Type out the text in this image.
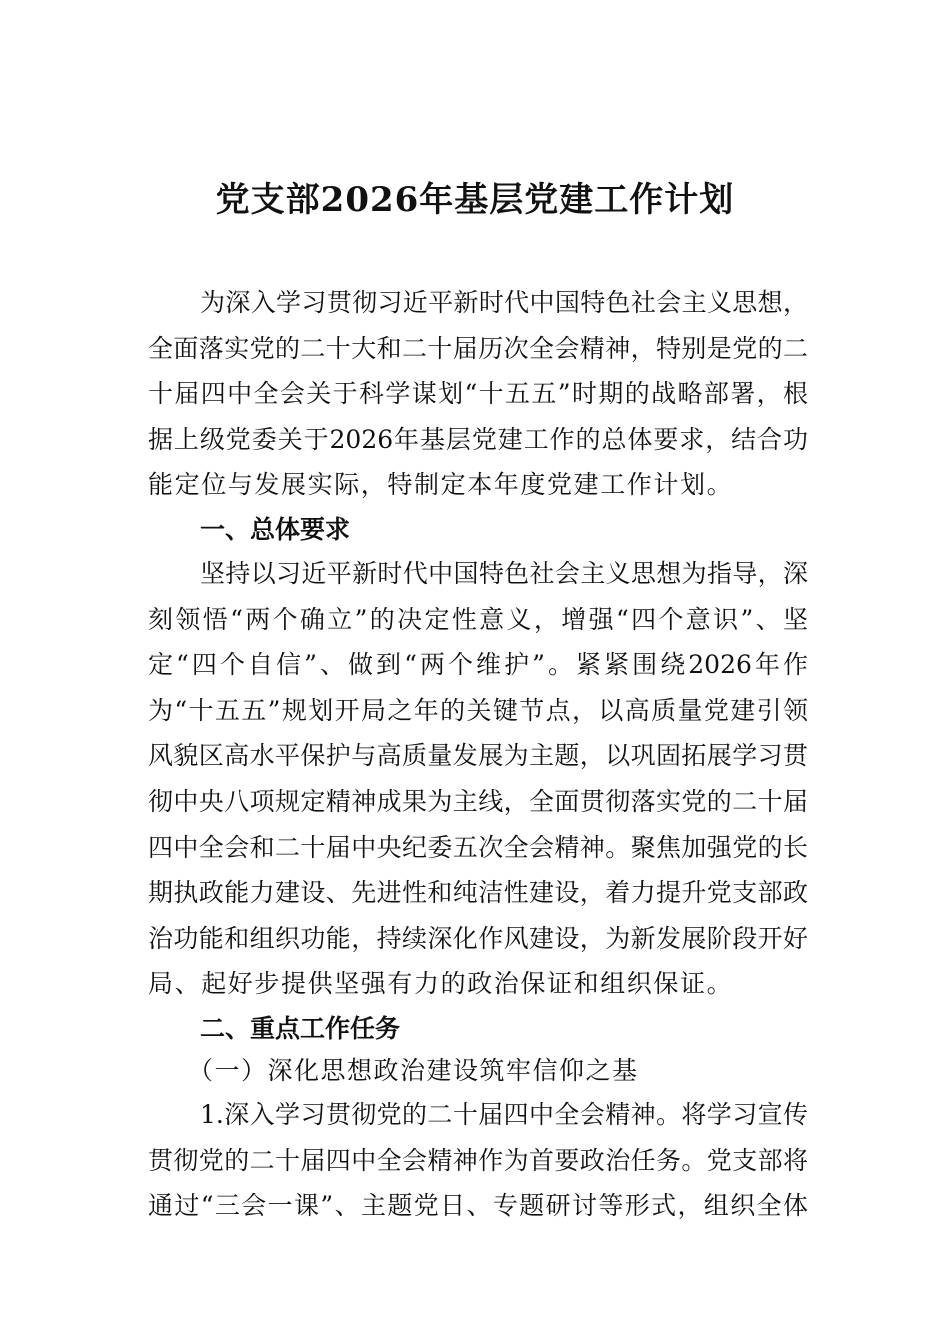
党支部2026年基层党建工作计划
为深入学习贯彻习近平新时代中国特色社会主义思想，
全面落实党的二十大和二十届历次全会精神，特别是党的二
十届四中全会关于科学谋划“十五五”时期的战略部署，根
据上级党委关于2026年基层党建工作的总体要求，结合功
能定位与发展实际，特制定本年度党建工作计划。
一、总体要求
坚持以习近平新时代中国特色社会主义思想为指导，深
刻领悟“两个确立”的决定性意义，增强“四个意识”、坚
定“四个自信”、做到“两个维护”。紧紧围绕2026年作
为“十五五”规划开局之年的关键节点，以高质量党建引领
风貌区高水平保护与高质量发展为主题，以巩固拓展学习贯
彻中央八项规定精神成果为主线，全面贯彻落实党的二十届
四中全会和二十届中央纪委五次全会精神。聚焦加强党的长
期执政能力建设、先进性和纯洁性建设，着力提升党支部政
治功能和组织功能，持续深化作风建设，为新发展阶段开好
局、起好步提供坚强有力的政治保证和组织保证。
二、重点工作任务
（一）深化思想政治建设筑牢信仰之基
1.深入学习贯彻党的二十届四中全会精神。将学习宣传
贯彻党的二十届四中全会精神作为首要政治任务。党支部将
通过“三会一课”、主题党日、专题研讨等形式，组织全体
